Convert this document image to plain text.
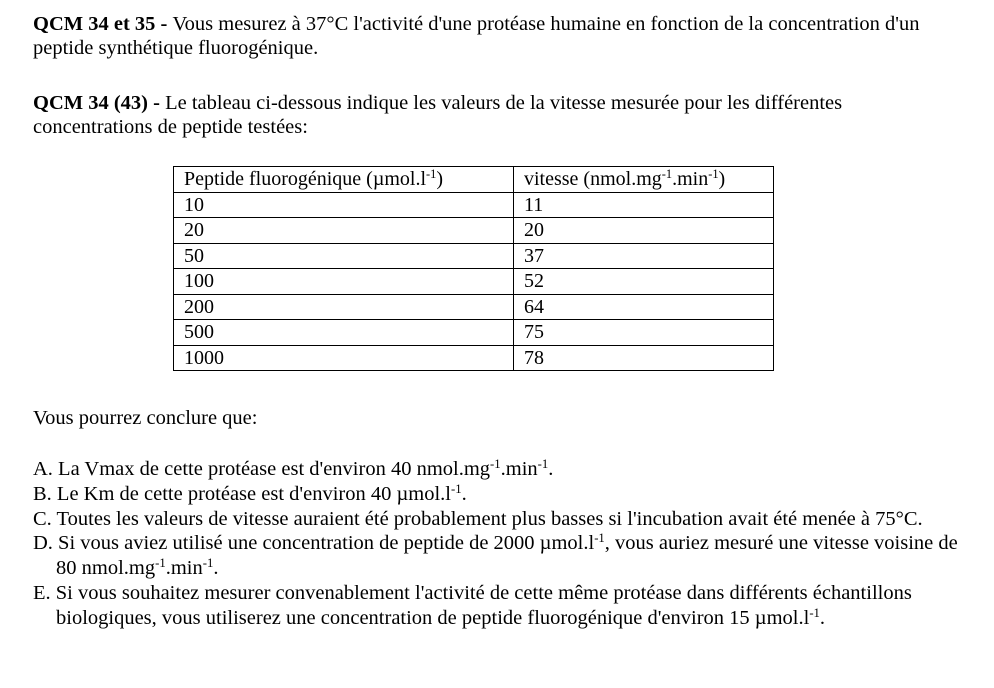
QCM 34 et 35 - Vous mesurez à 37°C l'activité d'une protéase humaine en fonction de la concentration d'un peptide synthétique fluorogénique.

QCM 34 (43) - Le tableau ci-dessous indique les valeurs de la vitesse mesurée pour les différentes concentrations de peptide testées:

Peptide fluorogénique $(\mu mol.l^{-1})$	vitesse $(nmol.mg^{-1}.\min^{-1})$
10	11
20	20
50	37
100	52
200	64
500	75
1000	78

Vous pourrez conclure que:

A. La Vmax de cette protéase est d'environ 40 $nmol.mg^{-1}.\min^{-1}$.
B. Le Km de cette protéase est d'environ 40 $\mu mol.l^{-1}$.
C. Toutes les valeurs de vitesse auraient été probablement plus basses si l'incubation avait été menée à 75°C.
D. Si vous aviez utilisé une concentration de peptide de 2000 $\mu mol.l^{-1}$, vous auriez mesuré une vitesse voisine de 80 $nmol.mg^{-1}.\min^{-1}$.
E. Si vous souhaitez mesurer convenablement l'activité de cette même protéase dans différents échantillons biologiques, vous utiliserez une concentration de peptide fluorogénique d'environ 15 $\mu mol.l^{-1}$.
